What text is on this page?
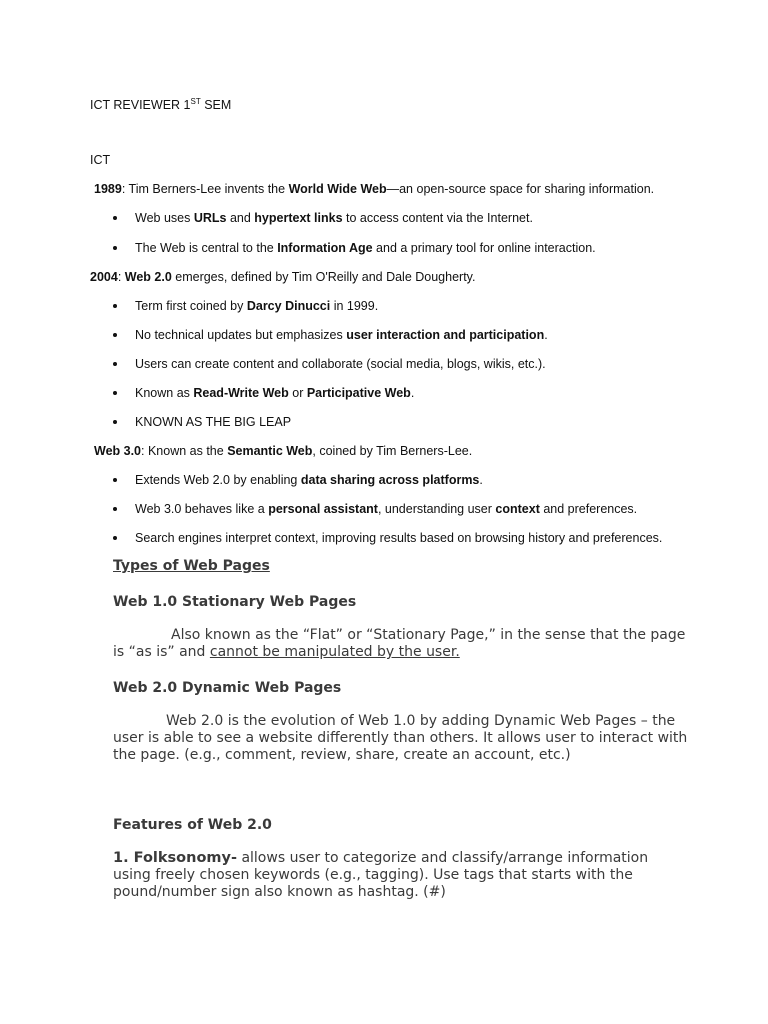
ICT REVIEWER 1ST SEM
ICT
1989: Tim Berners-Lee invents the World Wide Web—an open-source space for sharing information.
Web uses URLs and hypertext links to access content via the Internet.
The Web is central to the Information Age and a primary tool for online interaction.
2004: Web 2.0 emerges, defined by Tim O'Reilly and Dale Dougherty.
Term first coined by Darcy Dinucci in 1999.
No technical updates but emphasizes user interaction and participation.
Users can create content and collaborate (social media, blogs, wikis, etc.).
Known as Read-Write Web or Participative Web.
KNOWN AS THE BIG LEAP
Web 3.0: Known as the Semantic Web, coined by Tim Berners-Lee.
Extends Web 2.0 by enabling data sharing across platforms.
Web 3.0 behaves like a personal assistant, understanding user context and preferences.
Search engines interpret context, improving results based on browsing history and preferences.
Types of Web Pages
Web 1.0 Stationary Web Pages
Also known as the “Flat” or “Stationary Page,” in the sense that the page is “as is” and cannot be manipulated by the user.
Web 2.0 Dynamic Web Pages
Web 2.0 is the evolution of Web 1.0 by adding Dynamic Web Pages – the user is able to see a website differently than others. It allows user to interact with the page. (e.g., comment, review, share, create an account, etc.)
Features of Web 2.0
1. Folksonomy- allows user to categorize and classify/arrange information using freely chosen keywords (e.g., tagging). Use tags that starts with the pound/number sign also known as hashtag. (#)
